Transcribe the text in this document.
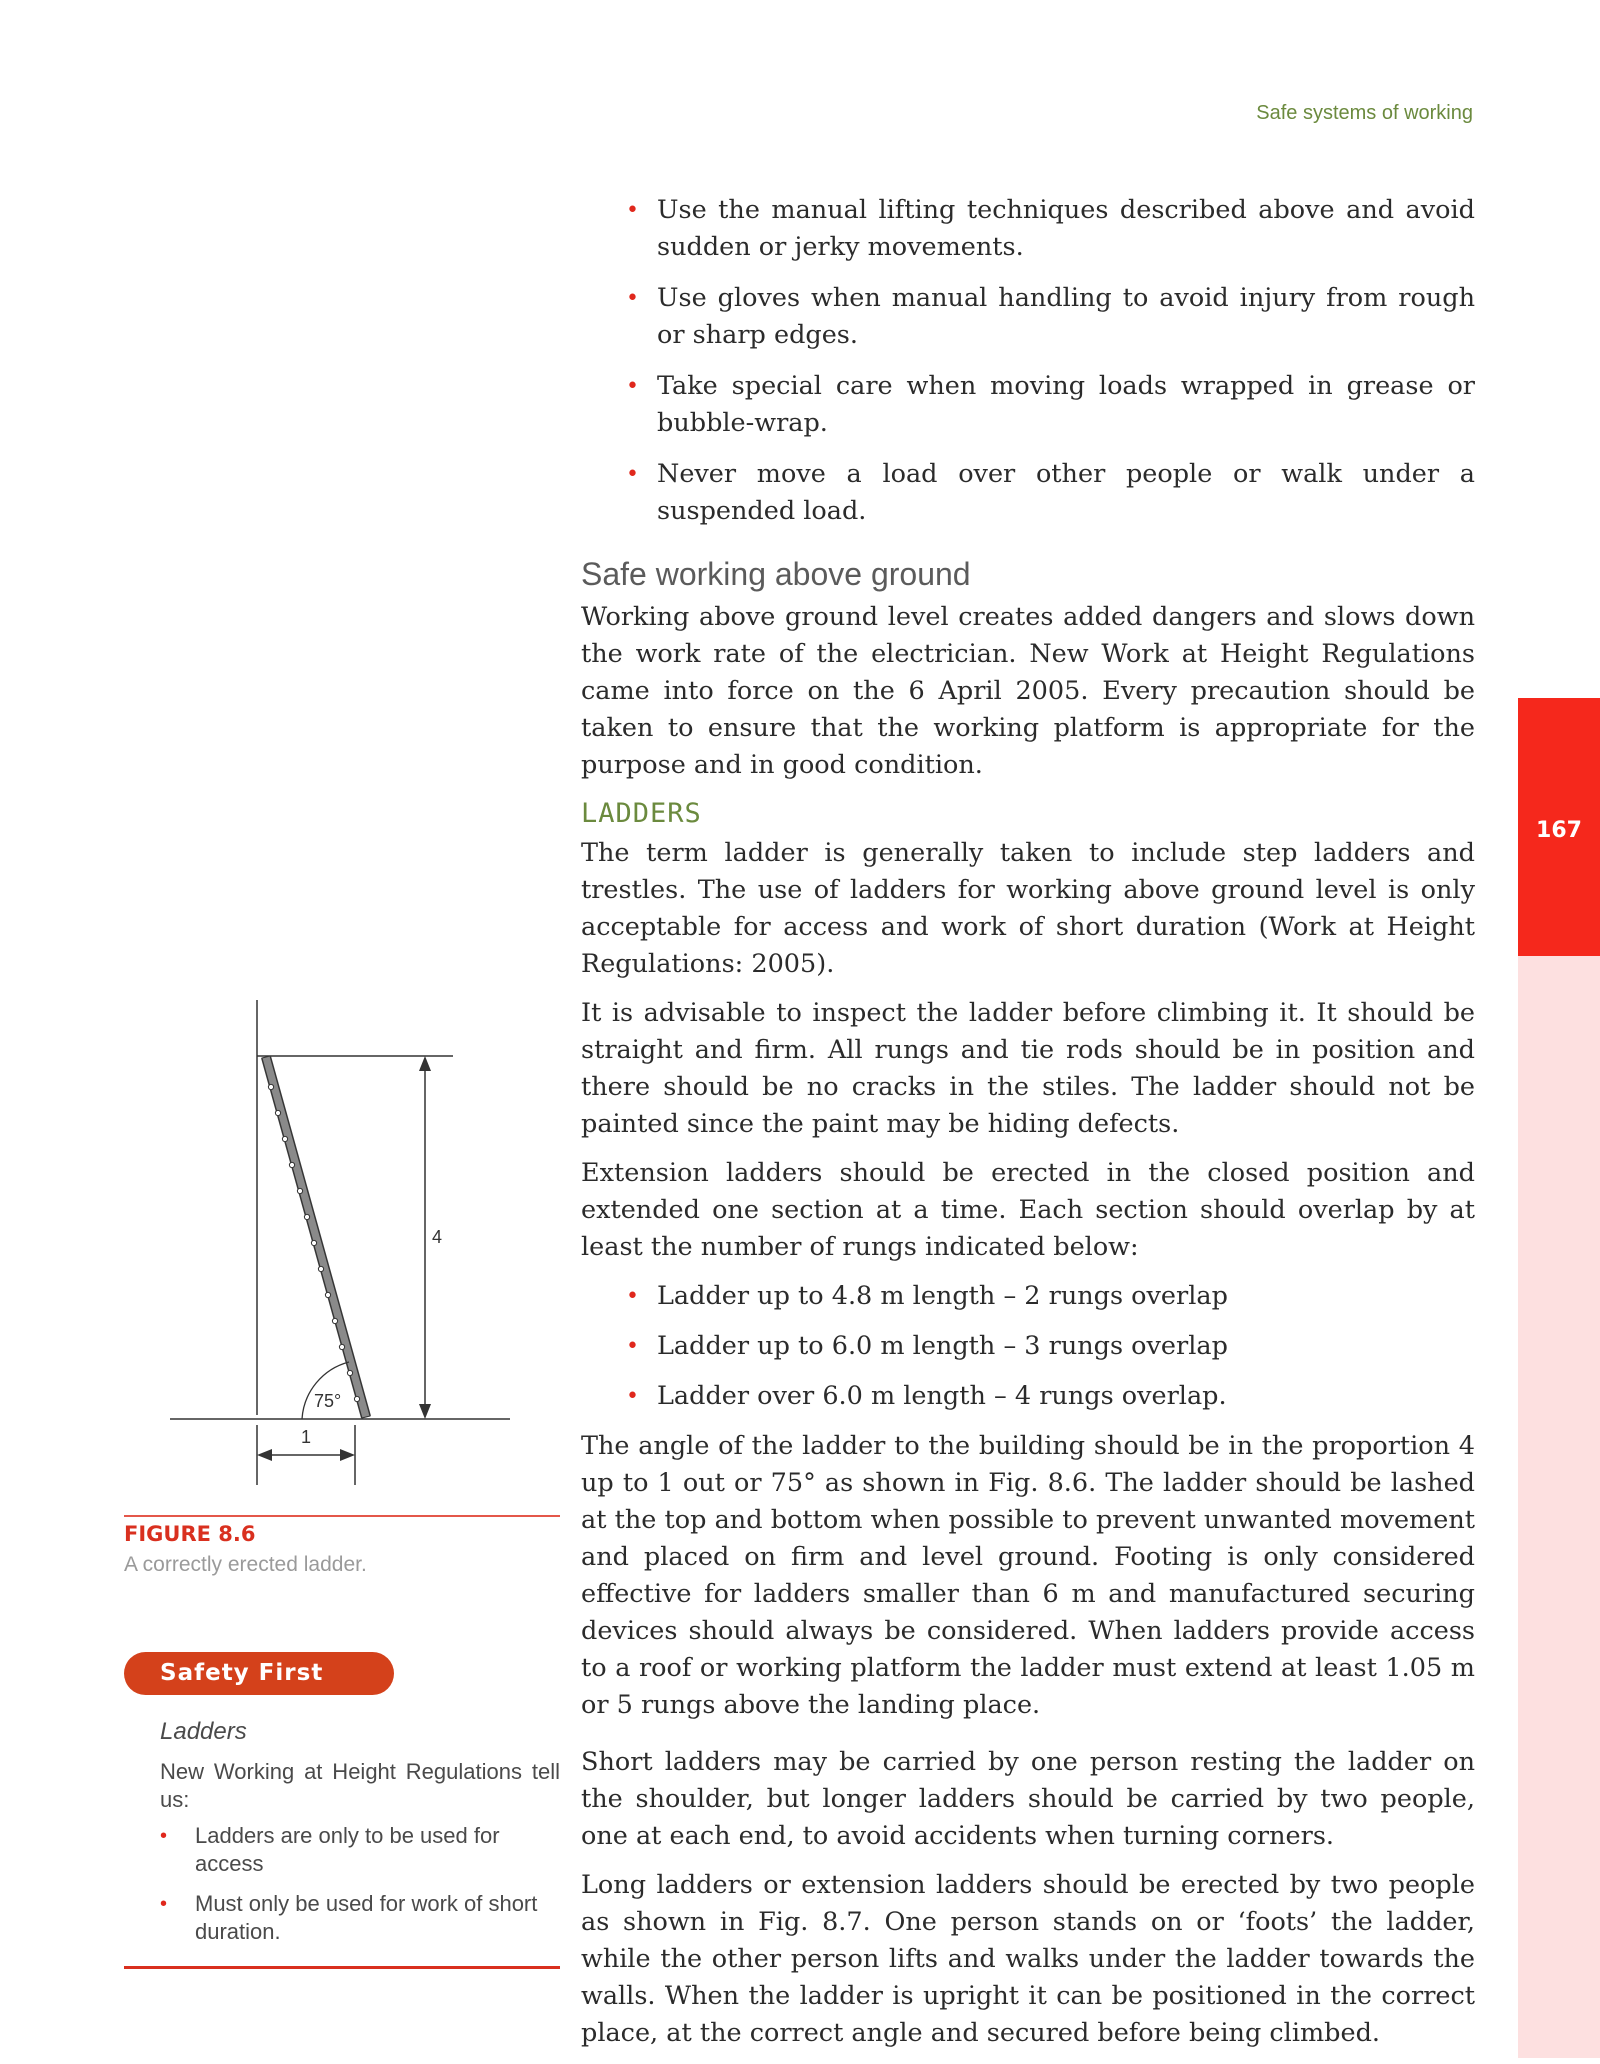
Safe systems of working
167
• Use the manual lifting techniques described above and avoid sudden or jerky movements.
• Use gloves when manual handling to avoid injury from rough or sharp edges.
• Take special care when moving loads wrapped in grease or bubble-wrap.
• Never move a load over other people or walk under a suspended load.
Safe working above ground

Working above ground level creates added dangers and slows down the work rate of the electrician. New Work at Height Regulations came into force on the 6 April 2005. Every precaution should be taken to ensure that the working platform is appropriate for the purpose and in good condition.

LADDERS

The term ladder is generally taken to include step ladders and trestles. The use of ladders for working above ground level is only acceptable for access and work of short duration (Work at Height Regulations: 2005).

It is advisable to inspect the ladder before climbing it. It should be straight and firm. All rungs and tie rods should be in position and there should be no cracks in the stiles. The ladder should not be painted since the paint may be hiding defects.

Extension ladders should be erected in the closed position and extended one section at a time. Each section should overlap by at least the number of rungs indicated below:

• Ladder up to 4.8 m length – 2 rungs overlap
• Ladder up to 6.0 m length – 3 rungs overlap
• Ladder over 6.0 m length – 4 rungs overlap.

The angle of the ladder to the building should be in the proportion 4 up to 1 out or 75° as shown in Fig. 8.6. The ladder should be lashed at the top and bottom when possible to prevent unwanted movement and placed on firm and level ground. Footing is only considered effective for ladders smaller than 6 m and manufactured securing devices should always be considered. When ladders provide access to a roof or working platform the ladder must extend at least 1.05 m or 5 rungs above the landing place.

Short ladders may be carried by one person resting the ladder on the shoulder, but longer ladders should be carried by two people, one at each end, to avoid accidents when turning corners.

Long ladders or extension ladders should be erected by two people as shown in Fig. 8.7. One person stands on or ‘foots’ the ladder, while the other person lifts and walks under the ladder towards the walls. When the ladder is upright it can be positioned in the correct place, at the correct angle and secured before being climbed.

4
75°
1
FIGURE 8.6
A correctly erected ladder.
Safety First

Ladders

New Working at Height Regulations tell us:

• Ladders are only to be used for access
• Must only be used for work of short duration.
